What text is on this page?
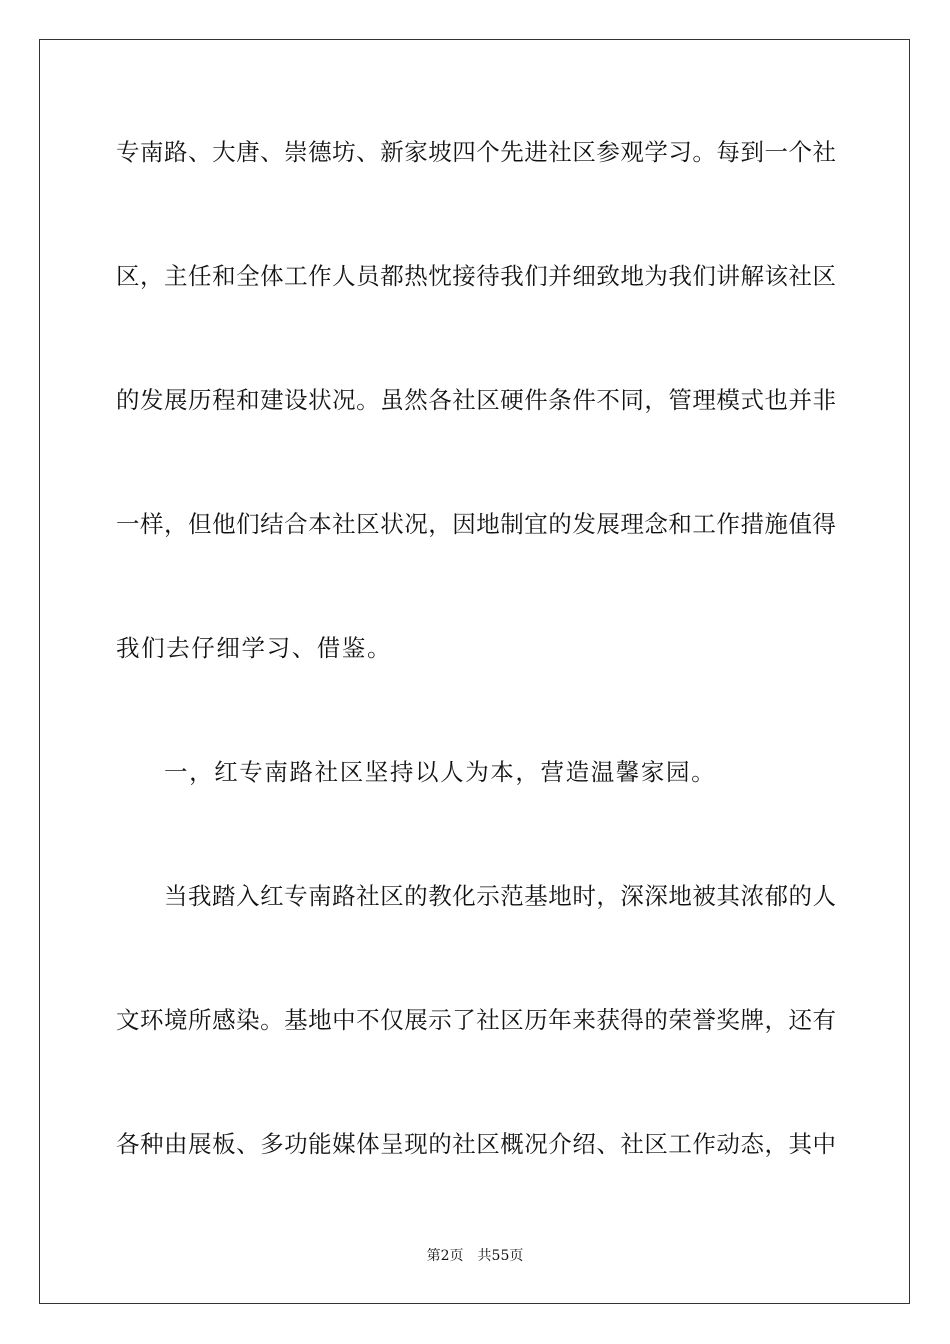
专南路、大唐、崇德坊、新家坡四个先进社区参观学习。每到一个社
区，主任和全体工作人员都热忱接待我们并细致地为我们讲解该社区
的发展历程和建设状况。虽然各社区硬件条件不同，管理模式也并非
一样，但他们结合本社区状况，因地制宜的发展理念和工作措施值得
我们去仔细学习、借鉴。
一，红专南路社区坚持以人为本，营造温馨家园。
当我踏入红专南路社区的教化示范基地时，深深地被其浓郁的人
文环境所感染。基地中不仅展示了社区历年来获得的荣誉奖牌，还有
各种由展板、多功能媒体呈现的社区概况介绍、社区工作动态，其中
第2页 共55页
